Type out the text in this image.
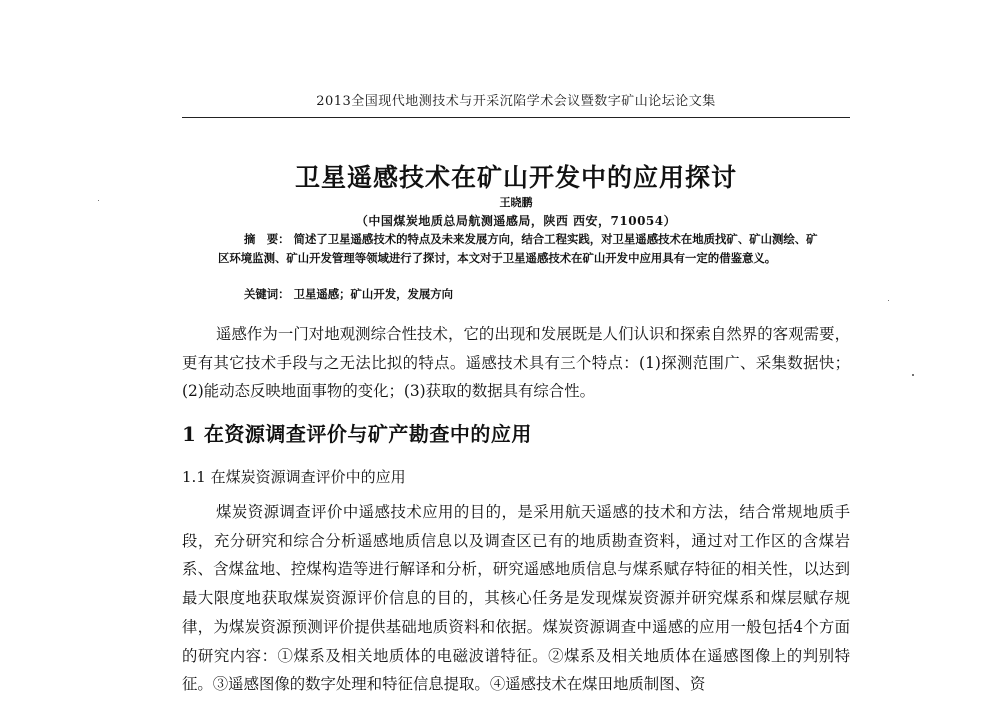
2013全国现代地测技术与开采沉陷学术会议暨数字矿山论坛论文集
卫星遥感技术在矿山开发中的应用探讨
王晓鹏
（中国煤炭地质总局航测遥感局，陕西 西安，710054）
摘　要： 简述了卫星遥感技术的特点及未来发展方向，结合工程实践，对卫星遥感技术在地质找矿、矿山测绘、矿区环境监测、矿山开发管理等领域进行了探讨，本文对于卫星遥感技术在矿山开发中应用具有一定的借鉴意义。
关键词： 卫星遥感；矿山开发，发展方向
遥感作为一门对地观测综合性技术，它的出现和发展既是人们认识和探索自然界的客观需要，更有其它技术手段与之无法比拟的特点。遥感技术具有三个特点：(1)探测范围广、采集数据快；(2)能动态反映地面事物的变化；(3)获取的数据具有综合性。
1 在资源调查评价与矿产勘查中的应用
1.1 在煤炭资源调查评价中的应用
煤炭资源调查评价中遥感技术应用的目的，是采用航天遥感的技术和方法，结合常规地质手段，充分研究和综合分析遥感地质信息以及调查区已有的地质勘查资料，通过对工作区的含煤岩系、含煤盆地、控煤构造等进行解译和分析，研究遥感地质信息与煤系赋存特征的相关性，以达到最大限度地获取煤炭资源评价信息的目的，其核心任务是发现煤炭资源并研究煤系和煤层赋存规律，为煤炭资源预测评价提供基础地质资料和依据。煤炭资源调查中遥感的应用一般包括4个方面的研究内容：①煤系及相关地质体的电磁波谱特征。②煤系及相关地质体在遥感图像上的判别特征。③遥感图像的数字处理和特征信息提取。④遥感技术在煤田地质制图、资
